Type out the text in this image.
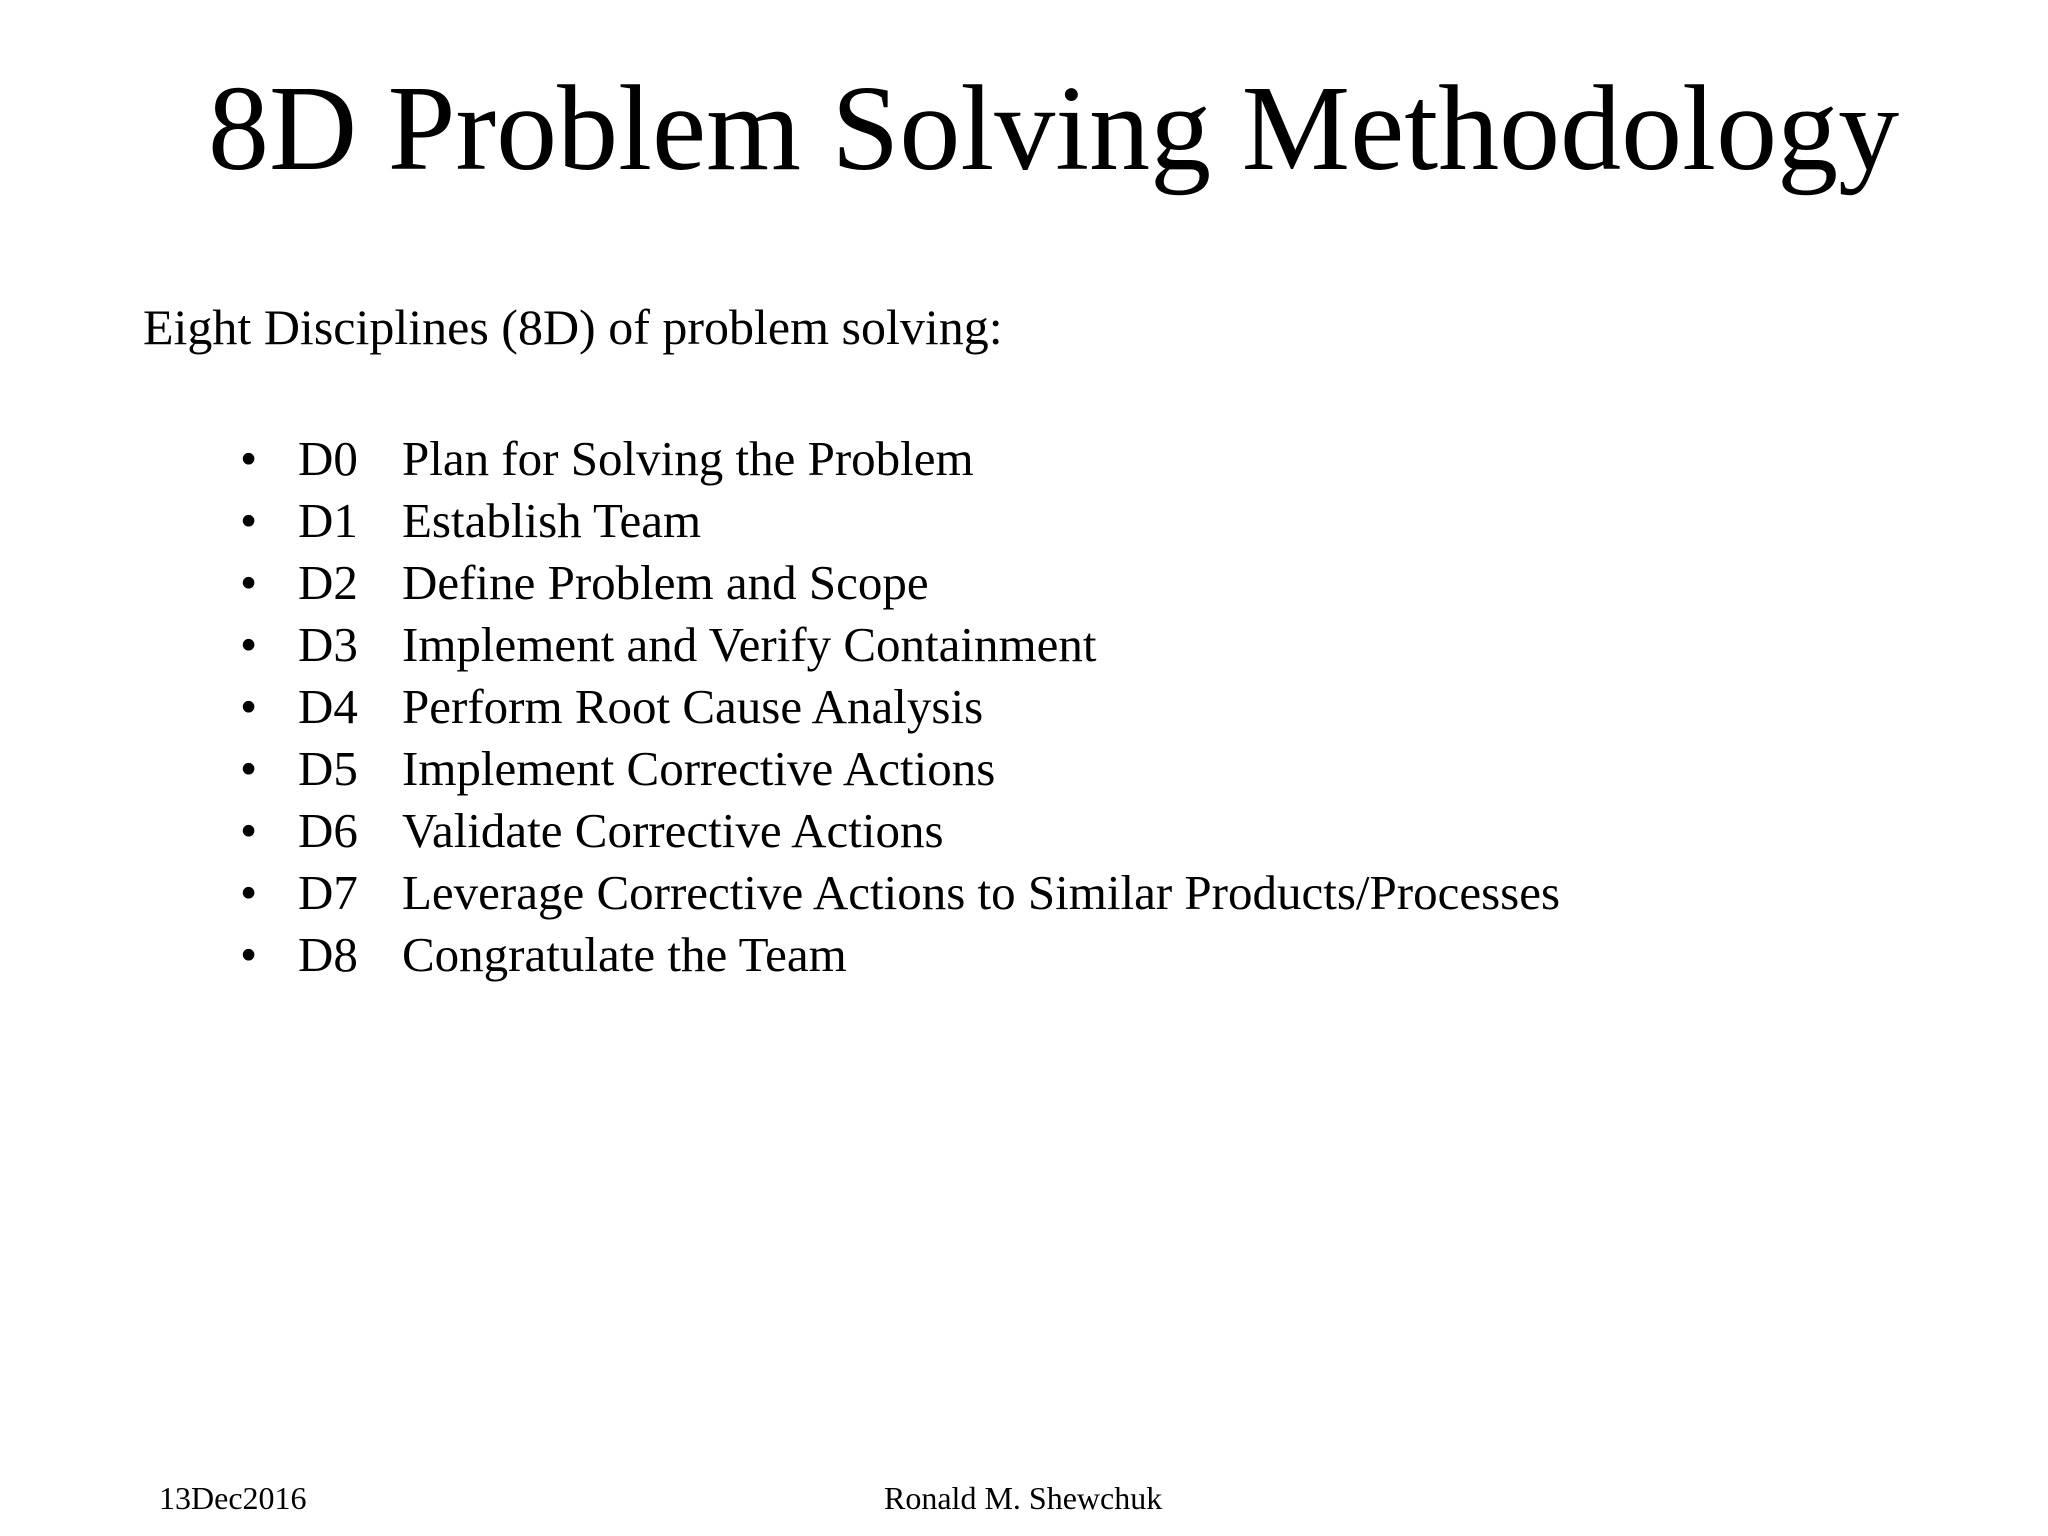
8D Problem Solving Methodology
Eight Disciplines (8D) of problem solving:
• D0 Plan for Solving the Problem
• D1 Establish Team
• D2 Define Problem and Scope
• D3 Implement and Verify Containment
• D4 Perform Root Cause Analysis
• D5 Implement Corrective Actions
• D6 Validate Corrective Actions
• D7 Leverage Corrective Actions to Similar Products/Processes
• D8 Congratulate the Team
13Dec2016	Ronald M. Shewchuk
